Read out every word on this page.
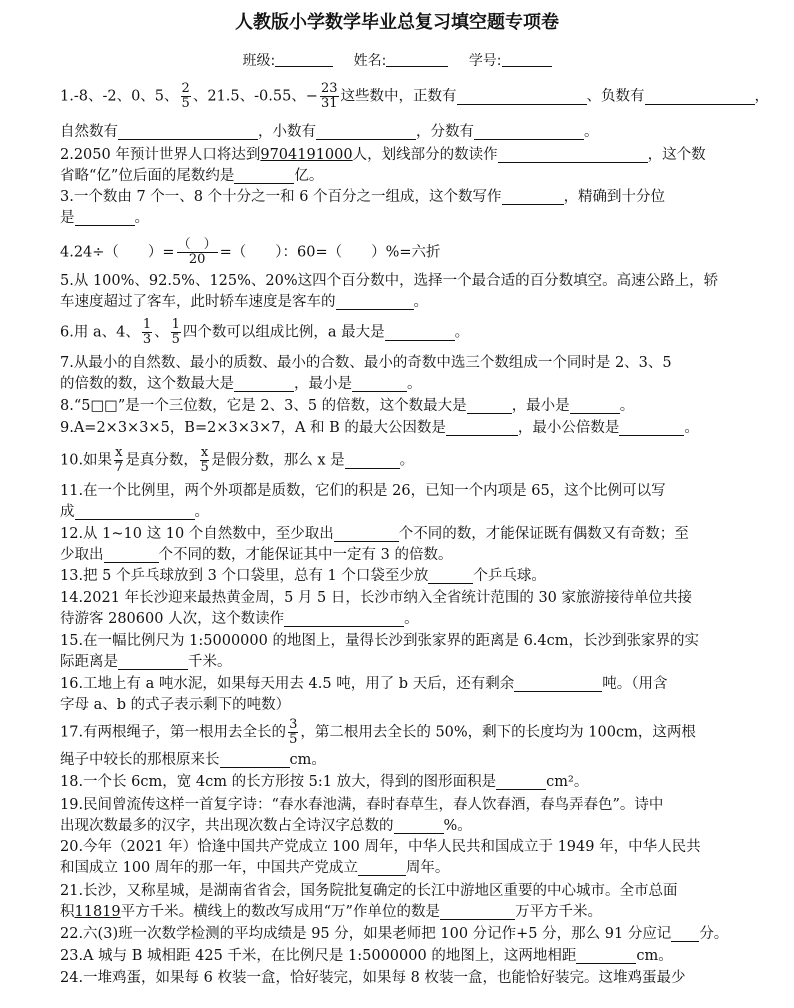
人教版小学数学毕业总复习填空题专项卷
班级:	姓名:	学号:
1.-8、-2、0、5、 $\frac{2}{5}$ 、21.5、-0.55、− $\frac{23}{31}$ 这些数中，正数有	、负数有	，
自然数有	，小数有	，分数有	。
2.2050 年预计世界人口将达到9704191000人，划线部分的数读作	，这个数
省略“亿”位后面的尾数约是	亿。
3.一个数由 7 个一、8 个十分之一和 6 个百分之一组成，这个数写作	，精确到十分位
是	。
4.24÷（　　）= $\frac{( )}{20}$ =（　　）：60=（　　）%=六折
5.从 100%、92.5%、125%、20%这四个百分数中，选择一个最合适的百分数填空。高速公路上，轿
车速度超过了客车，此时轿车速度是客车的	。
6.用 a、4、 $\frac{1}{3}$ 、 $\frac{1}{5}$ 四个数可以组成比例，a 最大是	。
7.从最小的自然数、最小的质数、最小的合数、最小的奇数中选三个数组成一个同时是 2、3、5
的倍数的数，这个数最大是	，最小是	。
8.“5□□”是一个三位数，它是 2、3、5 的倍数，这个数最大是	，最小是	。
9.A=2×3×3×5，B=2×3×3×7，A 和 B 的最大公因数是	，最小公倍数是	。
10.如果 $\frac{x}{7}$ 是真分数， $\frac{x}{5}$ 是假分数，那么 x 是	。
11.在一个比例里，两个外项都是质数，它们的积是 26，已知一个内项是 65，这个比例可以写
成	。
12.从 1~10 这 10 个自然数中，至少取出	个不同的数，才能保证既有偶数又有奇数；至
少取出	个不同的数，才能保证其中一定有 3 的倍数。
13.把 5 个乒乓球放到 3 个口袋里，总有 1 个口袋至少放	个乒乓球。
14.2021 年长沙迎来最热黄金周，5 月 5 日，长沙市纳入全省统计范围的 30 家旅游接待单位共接
待游客 280600 人次，这个数读作	。
15.在一幅比例尺为 1:5000000 的地图上，量得长沙到张家界的距离是 6.4cm，长沙到张家界的实
际距离是	千米。
16.工地上有 a 吨水泥，如果每天用去 4.5 吨，用了 b 天后，还有剩余	吨。（用含
字母 a、b 的式子表示剩下的吨数）
17.有两根绳子，第一根用去全长的 $\frac{3}{5}$ ，第二根用去全长的 50%，剩下的长度均为 100cm，这两根
绳子中较长的那根原来长	cm。
18.一个长 6cm，宽 4cm 的长方形按 5:1 放大，得到的图形面积是	cm²。
19.民间曾流传这样一首复字诗：“春水春池满，春时春草生，春人饮春酒，春鸟弄春色”。诗中
出现次数最多的汉字，共出现次数占全诗汉字总数的	%。
20.今年（2021 年）恰逢中国共产党成立 100 周年，中华人民共和国成立于 1949 年，中华人民共
和国成立 100 周年的那一年，中国共产党成立	周年。
21.长沙，又称星城，是湖南省省会，国务院批复确定的长江中游地区重要的中心城市。全市总面
积11819平方千米。横线上的数改写成用“万”作单位的数是	万平方千米。
22.六(3)班一次数学检测的平均成绩是 95 分，如果老师把 100 分记作+5 分，那么 91 分应记 分。
23.A 城与 B 城相距 425 千米，在比例尺是 1:5000000 的地图上，这两地相距	cm。
24.一堆鸡蛋，如果每 6 枚装一盒，恰好装完，如果每 8 枚装一盒，也能恰好装完。这堆鸡蛋最少
